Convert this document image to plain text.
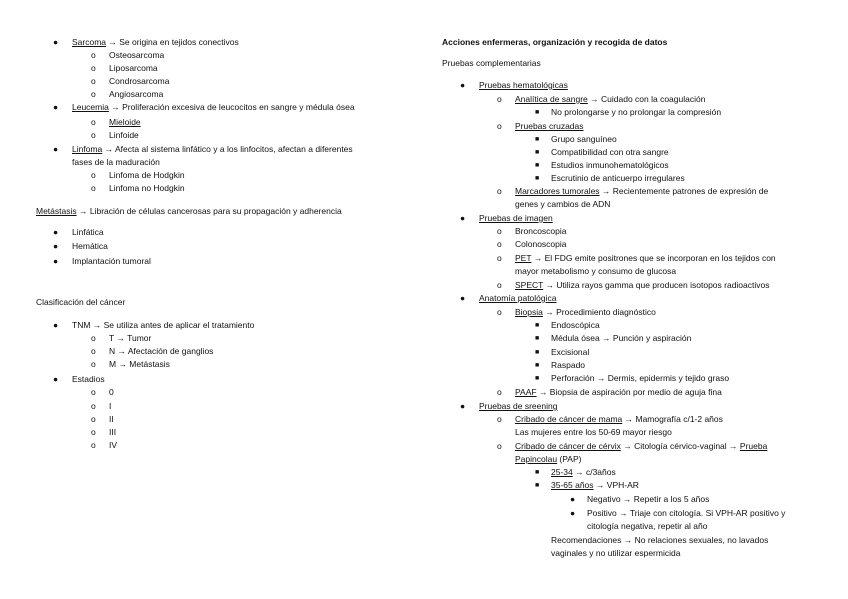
● Sarcoma → Se origina en tejidos conectivos
o Osteosarcoma
o Liposarcoma
o Condrosarcoma
o Angiosarcoma
● Leucemia → Proliferación excesiva de leucocitos en sangre y médula ósea
o Mieloide
o Linfoide
● Linfoma → Afecta al sistema linfático y a los linfocitos, afectan a diferentes
fases de la maduración
o Linfoma de Hodgkin
o Linfoma no Hodgkin
Metástasis → Libración de células cancerosas para su propagación y adherencia
● Linfática
● Hemática
● Implantación tumoral
Clasificación del cáncer
● TNM → Se utiliza antes de aplicar el tratamiento
o T → Tumor
o N → Afectación de ganglios
o M → Metástasis
● Estadios
o 0
o I
o II
o III
o IV
Acciones enfermeras, organización y recogida de datos
Pruebas complementarias
● Pruebas hematológicas
o Analítica de sangre → Cuidado con la coagulación
■ No prolongarse y no prolongar la compresión
o Pruebas cruzadas
■ Grupo sanguíneo
■ Compatibilidad con otra sangre
■ Estudios inmunohematológicos
■ Escrutinio de anticuerpo irregulares
o Marcadores tumorales → Recientemente patrones de expresión de
genes y cambios de ADN
● Pruebas de imagen
o Broncoscopia
o Colonoscopia
o PET → El FDG emite positrones que se incorporan en los tejidos con
mayor metabolismo y consumo de glucosa
o SPECT → Utiliza rayos gamma que producen isotopos radioactivos
● Anatomía patológica
o Biopsia → Procedimiento diagnóstico
■ Endoscópica
■ Médula ósea → Punción y aspiración
■ Excisional
■ Raspado
■ Perforación → Dermis, epidermis y tejido graso
o PAAF → Biopsia de aspiración por medio de aguja fina
● Pruebas de sreening
o Cribado de cáncer de mama → Mamografía c/1-2 años
Las mujeres entre los 50-69 mayor riesgo
o Cribado de cáncer de cérvix → Citología cérvico-vaginal → Prueba
Papincolau (PAP)
■ 25-34 → c/3años
■ 35-65 años → VPH-AR
● Negativo → Repetir a los 5 años
● Positivo → Triaje con citología. Si VPH-AR positivo y
citología negativa, repetir al año
Recomendaciones → No relaciones sexuales, no lavados
vaginales y no utilizar espermicida
